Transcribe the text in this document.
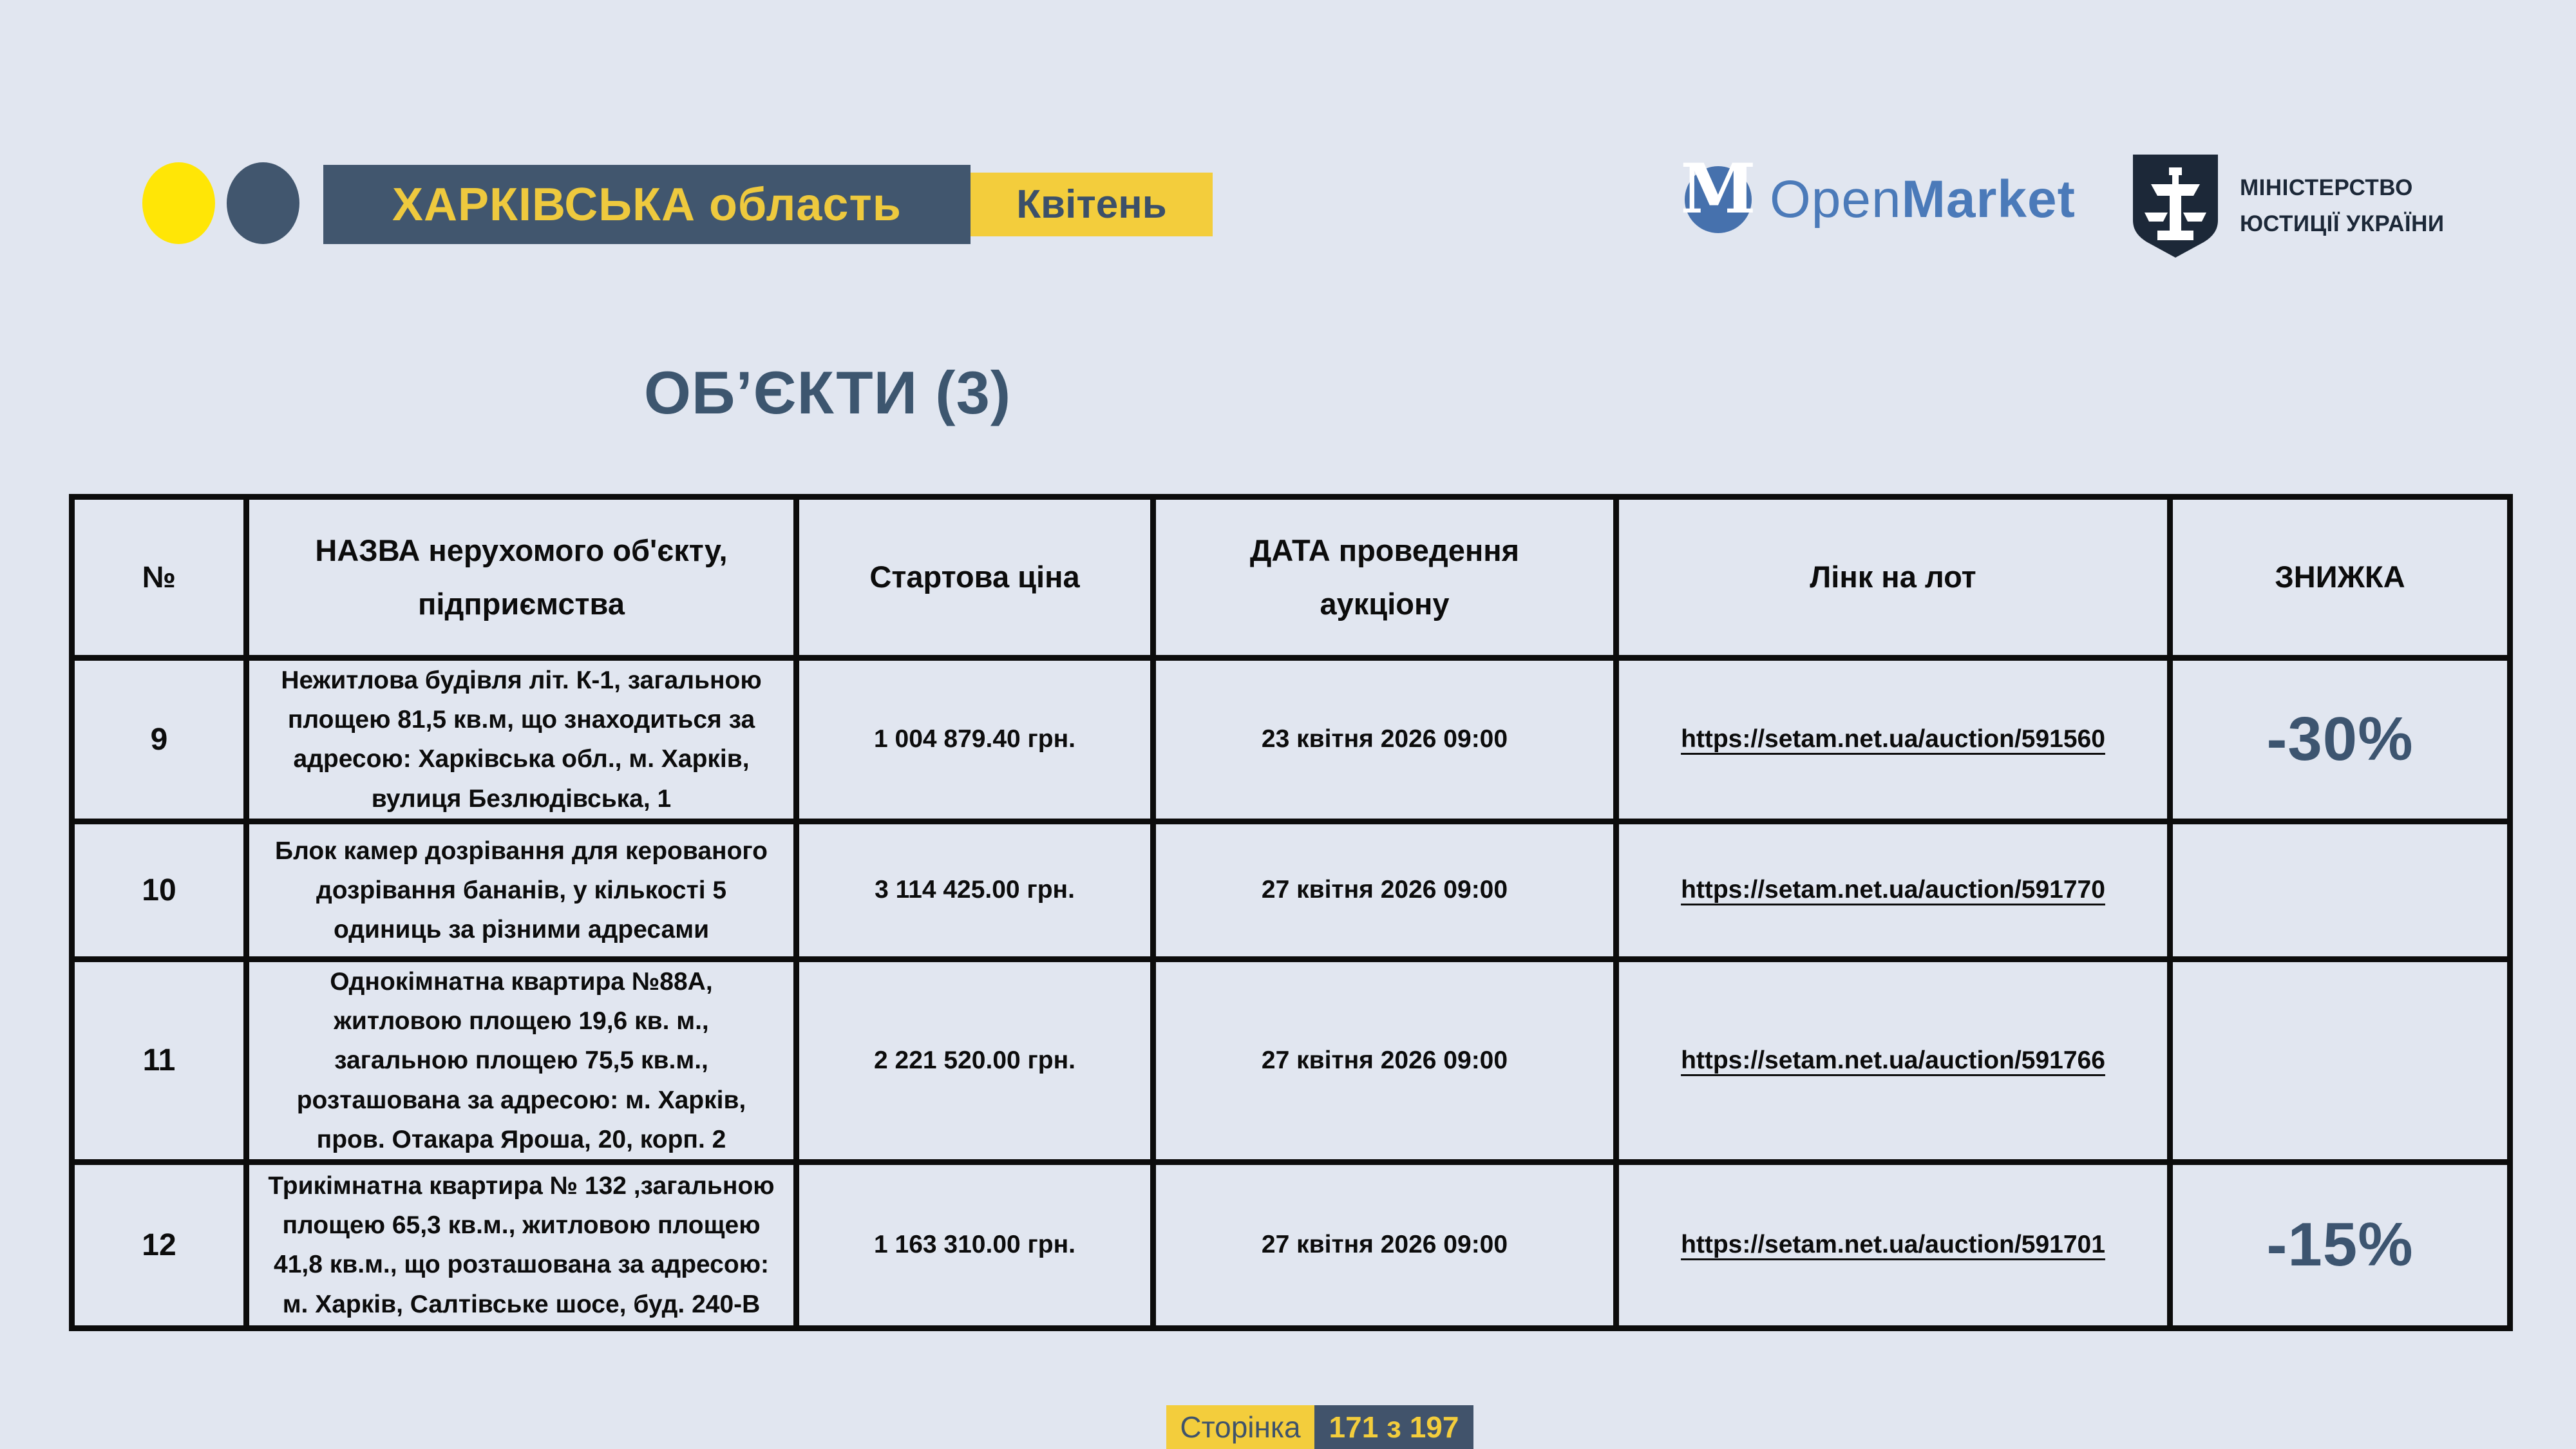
ХАРКІВСЬКА область	Квітень	M OpenMarket	МІНІСТЕРСТВО
ЮСТИЦІЇ УКРАЇНИ
ОБ’ЄКТИ (3)
№	НАЗВА нерухомого об'єкту, підприємства	Стартова ціна	ДАТА проведення аукціону	Лінк на лот	ЗНИЖКА
9	Нежитлова будівля літ. К-1, загальною площею 81,5 кв.м, що знаходиться за адресою: Харківська обл., м. Харків, вулиця Безлюдівська, 1	1 004 879.40 грн.	23 квітня 2026 09:00	https://setam.net.ua/auction/591560	-30%
10	Блок камер дозрівання для керованого дозрівання бананів, у кількості 5 одиниць за різними адресами	3 114 425.00 грн.	27 квітня 2026 09:00	https://setam.net.ua/auction/591770	
11	Однокімнатна квартира №88А, житловою площею 19,6 кв. м., загальною площею 75,5 кв.м., розташована за адресою: м. Харків, пров. Отакара Яроша, 20, корп. 2	2 221 520.00 грн.	27 квітня 2026 09:00	https://setam.net.ua/auction/591766	
12	Трикімнатна квартира № 132 ,загальною площею 65,3 кв.м., житловою площею 41,8 кв.м., що розташована за адресою: м. Харків, Салтівське шосе, буд. 240-В	1 163 310.00 грн.	27 квітня 2026 09:00	https://setam.net.ua/auction/591701	-15%
Сторінка 171 з 197
